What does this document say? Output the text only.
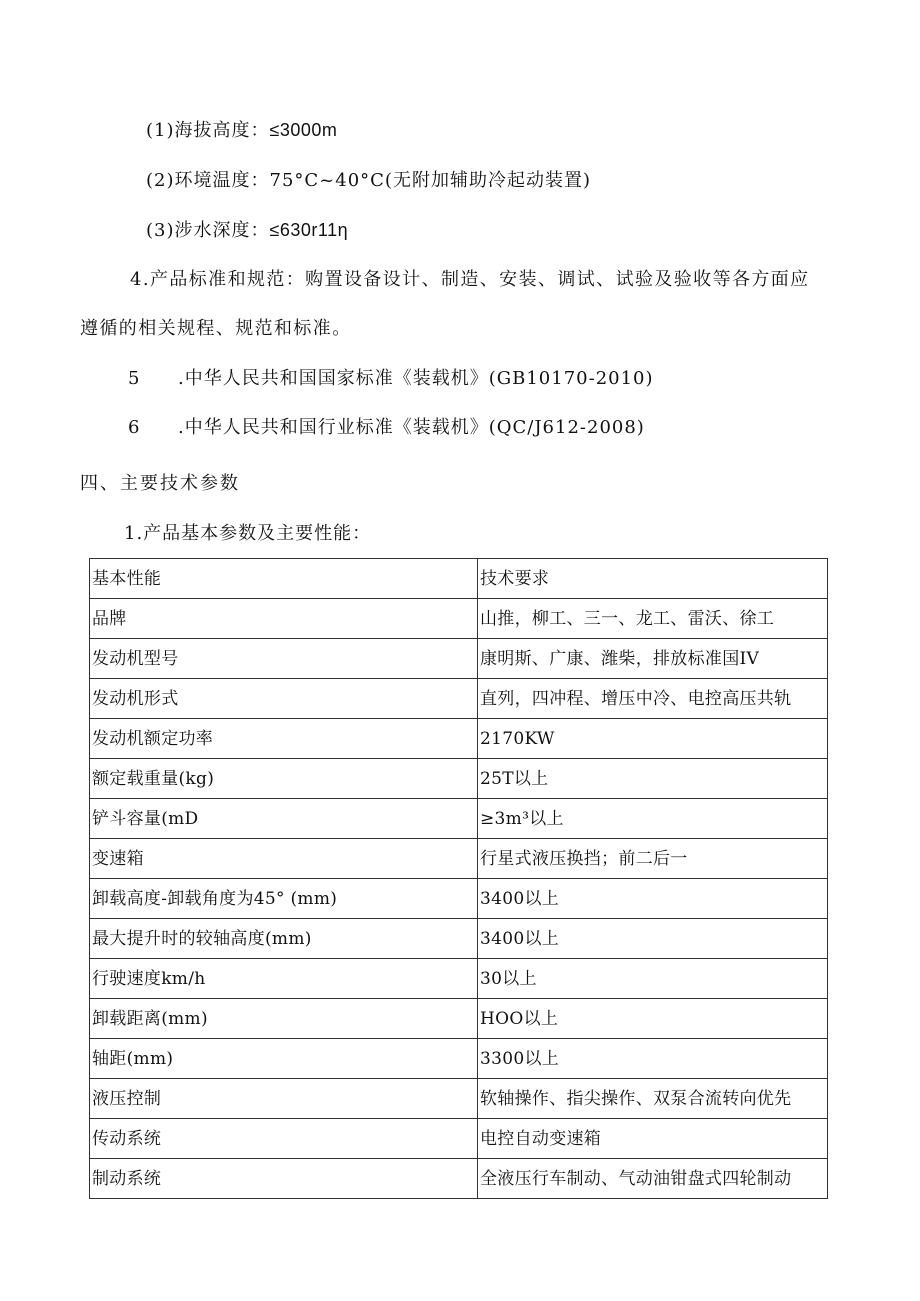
(1)海拔高度：≤3000m
(2)环境温度：75°C~40°C(无附加辅助冷起动装置)
(3)涉水深度：≤630r11η
4.产品标准和规范：购置设备设计、制造、安装、调试、试验及验收等各方面应
遵循的相关规程、规范和标准。
5 .中华人民共和国国家标准《装载机》(GB10170-2010)
6 .中华人民共和国行业标准《装载机》(QC/J612-2008)
四、主要技术参数
1.产品基本参数及主要性能：
基本性能	技术要求
品牌	山推，柳工、三一、龙工、雷沃、徐工
发动机型号	康明斯、广康、潍柴，排放标准国IV
发动机形式	直列，四冲程、增压中冷、电控高压共轨
发动机额定功率	2170KW
额定载重量(kg)	25T以上
铲斗容量(mD	≥3m³以上
变速箱	行星式液压换挡；前二后一
卸载高度-卸载角度为45° (mm)	3400以上
最大提升时的较轴高度(mm)	3400以上
行驶速度km/h	30以上
卸载距离(mm)	HOO以上
轴距(mm)	3300以上
液压控制	软轴操作、指尖操作、双泵合流转向优先
传动系统	电控自动变速箱
制动系统	全液压行车制动、气动油钳盘式四轮制动
